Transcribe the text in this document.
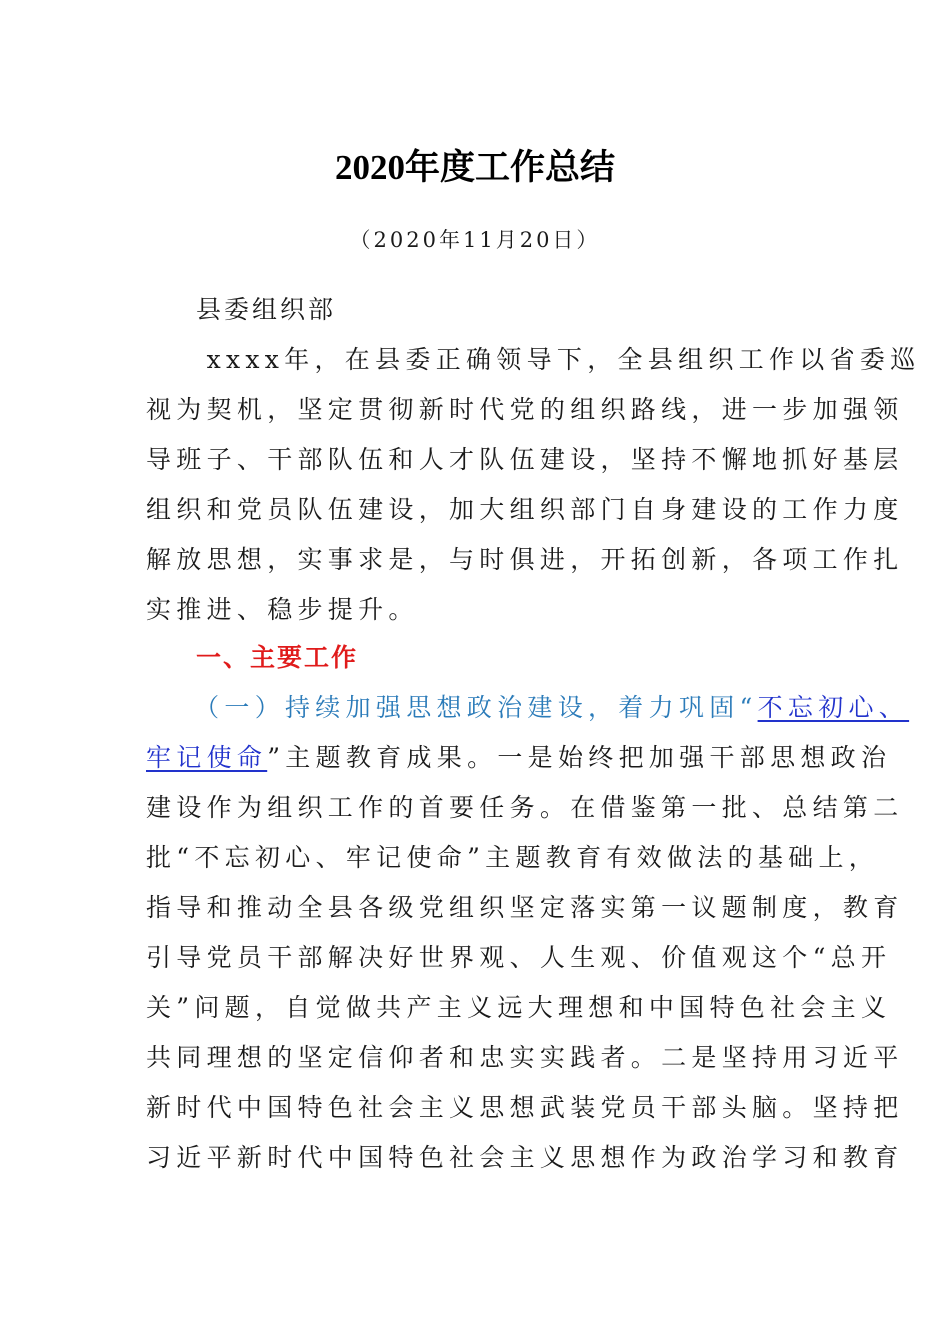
2020年度工作总结
（2020年11月20日）
县委组织部
　　xxxx年，在县委正确领导下，全县组织工作以省委巡
视为契机，坚定贯彻新时代党的组织路线，进一步加强领
导班子、干部队伍和人才队伍建设，坚持不懈地抓好基层
组织和党员队伍建设，加大组织部门自身建设的工作力度
解放思想，实事求是，与时俱进，开拓创新，各项工作扎
实推进、稳步提升。
一、主要工作
　　（一）持续加强思想政治建设，着力巩固“不忘初心、
牢记使命”主题教育成果。一是始终把加强干部思想政治
建设作为组织工作的首要任务。在借鉴第一批、总结第二
批“不忘初心、牢记使命”主题教育有效做法的基础上，
指导和推动全县各级党组织坚定落实第一议题制度，教育
引导党员干部解决好世界观、人生观、价值观这个“总开
关”问题，自觉做共产主义远大理想和中国特色社会主义
共同理想的坚定信仰者和忠实实践者。二是坚持用习近平
新时代中国特色社会主义思想武装党员干部头脑。坚持把
习近平新时代中国特色社会主义思想作为政治学习和教育
